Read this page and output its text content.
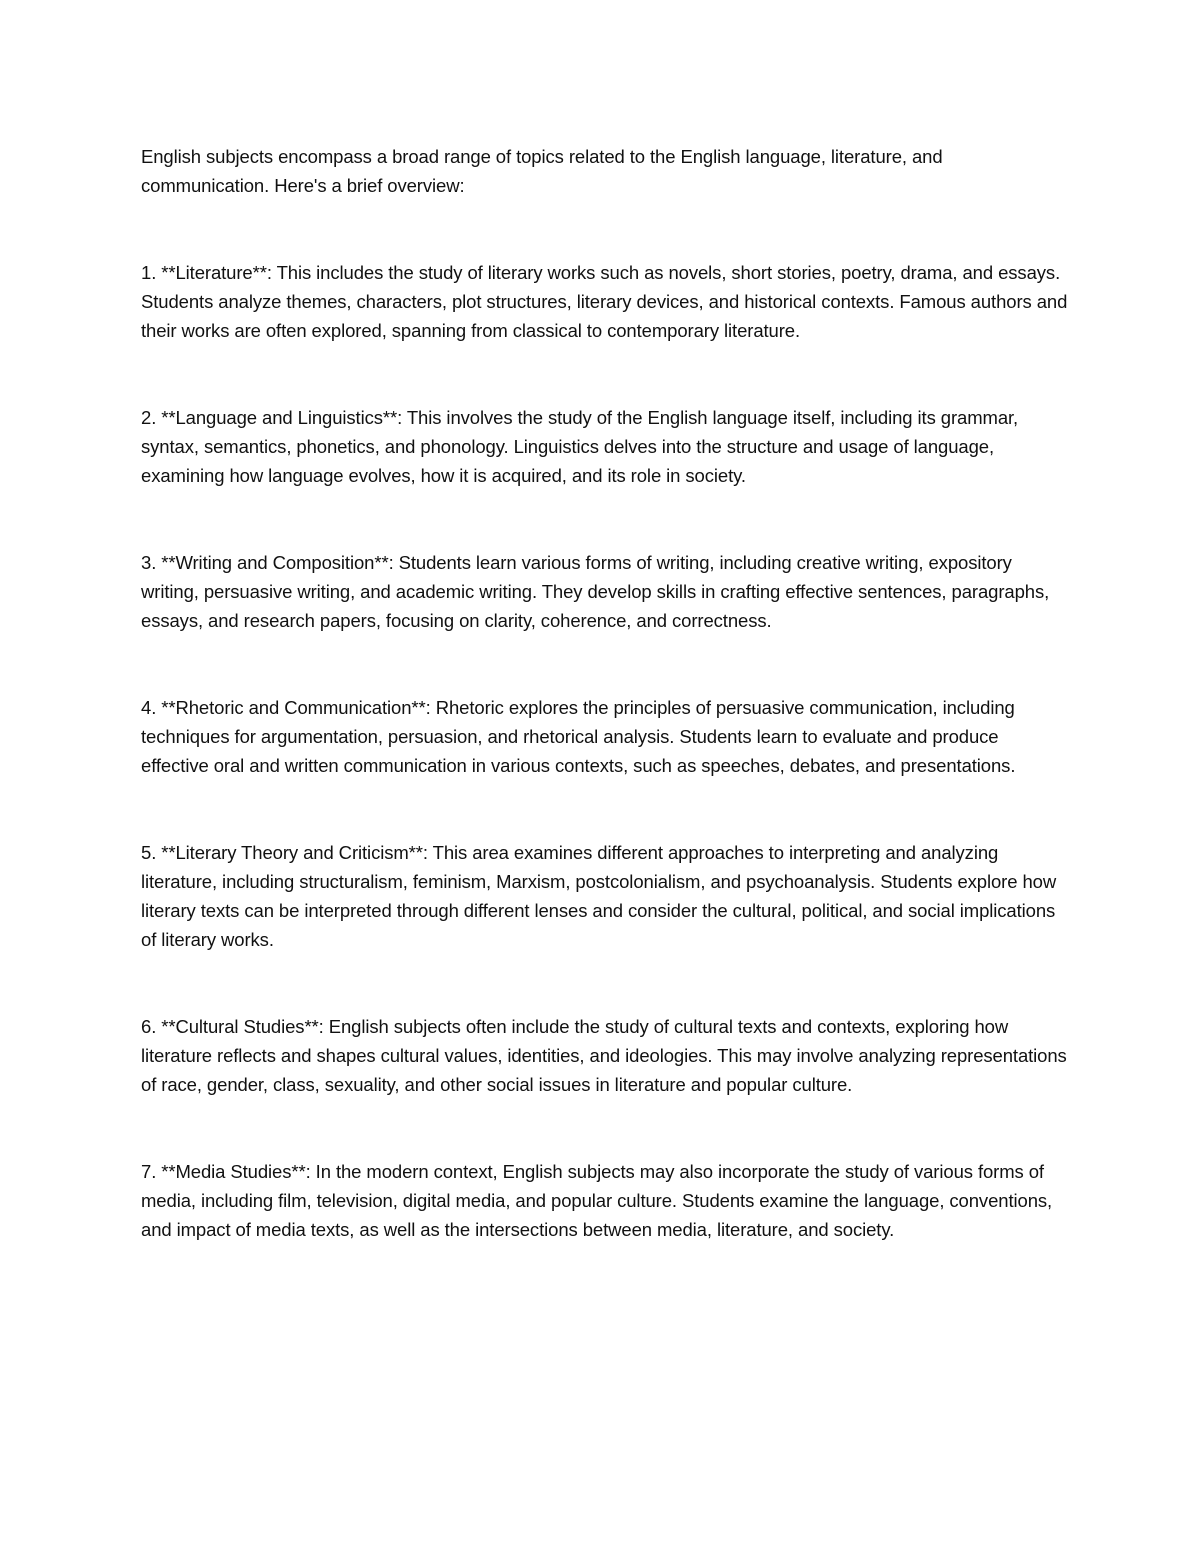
English subjects encompass a broad range of topics related to the English language, literature, and communication. Here's a brief overview:

1. **Literature**: This includes the study of literary works such as novels, short stories, poetry, drama, and essays. Students analyze themes, characters, plot structures, literary devices, and historical contexts. Famous authors and their works are often explored, spanning from classical to contemporary literature.

2. **Language and Linguistics**: This involves the study of the English language itself, including its grammar, syntax, semantics, phonetics, and phonology. Linguistics delves into the structure and usage of language, examining how language evolves, how it is acquired, and its role in society.

3. **Writing and Composition**: Students learn various forms of writing, including creative writing, expository writing, persuasive writing, and academic writing. They develop skills in crafting effective sentences, paragraphs, essays, and research papers, focusing on clarity, coherence, and correctness.

4. **Rhetoric and Communication**: Rhetoric explores the principles of persuasive communication, including techniques for argumentation, persuasion, and rhetorical analysis. Students learn to evaluate and produce effective oral and written communication in various contexts, such as speeches, debates, and presentations.

5. **Literary Theory and Criticism**: This area examines different approaches to interpreting and analyzing literature, including structuralism, feminism, Marxism, postcolonialism, and psychoanalysis. Students explore how literary texts can be interpreted through different lenses and consider the cultural, political, and social implications of literary works.

6. **Cultural Studies**: English subjects often include the study of cultural texts and contexts, exploring how literature reflects and shapes cultural values, identities, and ideologies. This may involve analyzing representations of race, gender, class, sexuality, and other social issues in literature and popular culture.

7. **Media Studies**: In the modern context, English subjects may also incorporate the study of various forms of media, including film, television, digital media, and popular culture. Students examine the language, conventions, and impact of media texts, as well as the intersections between media, literature, and society.
